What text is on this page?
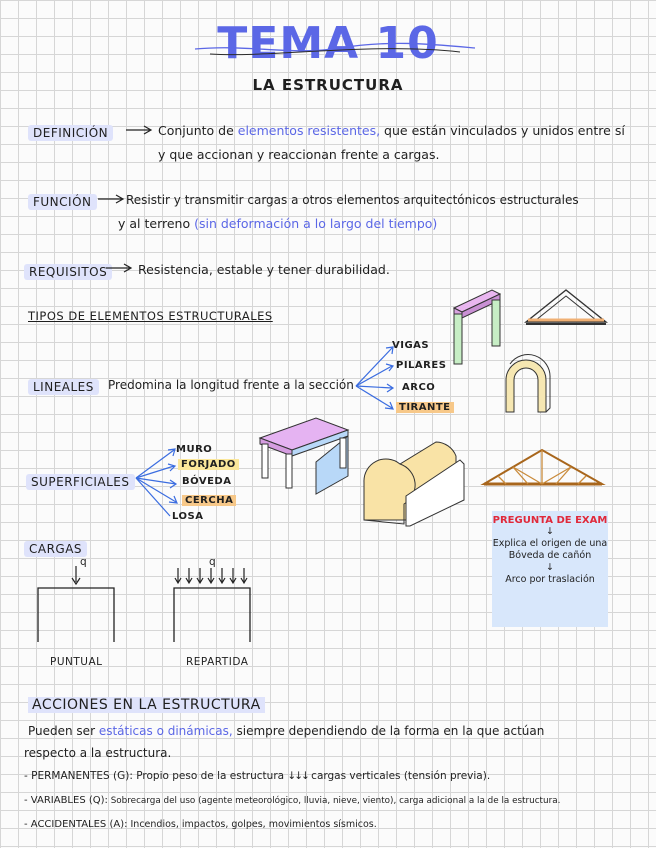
TEMA 10
LA ESTRUCTURA
DEFINICIÓN	Conjunto de elementos resistentes, que están vinculados y unidos entre sí
y que accionan y reaccionan frente a cargas.
FUNCIÓN	Resistir y transmitir cargas a otros elementos arquitectónicos estructurales
y al terreno (sin deformación a lo largo del tiempo)
REQUISITOS	Resistencia, estable y tener durabilidad.
TIPOS DE ELEMENTOS ESTRUCTURALES
LINEALES	Predomina la longitud frente a la sección
VIGAS
PILARES
ARCO
TIRANTE
SUPERFICIALES
MURO
FORJADO
BÓVEDA
CERCHA
LOSA
CARGAS
q	q
PUNTUAL	REPARTIDA
PREGUNTA DE EXAM
↓
Explica el origen de una
Bóveda de cañón
↓
Arco por traslación
ACCIONES EN LA ESTRUCTURA
Pueden ser estáticas o dinámicas, siempre dependiendo de la forma en la que actúan
respecto a la estructura.
- PERMANENTES (G): Propio peso de la estructura ↓↓↓ cargas verticales (tensión previa).
- VARIABLES (Q): Sobrecarga del uso (agente meteorológico, lluvia, nieve, viento), carga adicional a la de la estructura.
- ACCIDENTALES (A): Incendios, impactos, golpes, movimientos sísmicos.
